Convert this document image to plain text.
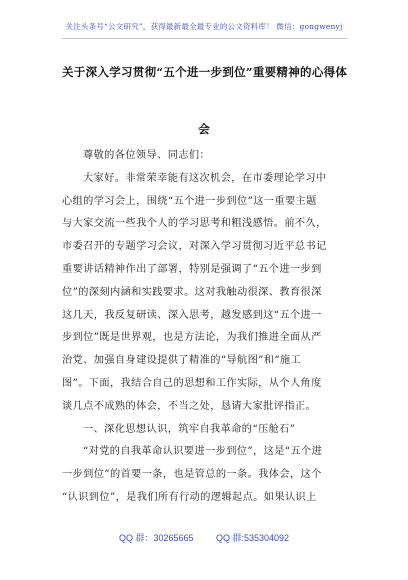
关注头条号“公文研究”，获得最新最全最专业的公文资料库！ 微信：gongwenyj
关于深入学习贯彻“五个进一步到位”重要精神的心得体
会
尊敬的各位领导、同志们：
大家好。非常荣幸能有这次机会，在市委理论学习中
心组的学习会上，围绕“五个进一步到位”这一重要主题
与大家交流一些我个人的学习思考和粗浅感悟。前不久，
市委召开的专题学习会议，对深入学习贯彻习近平总书记
重要讲话精神作出了部署，特别是强调了“五个进一步到
位”的深刻内涵和实践要求。这对我触动很深、教育很深
这几天，我反复研读、深入思考，越发感到这“五个进一
步到位”既是世界观，也是方法论，为我们推进全面从严
治党、加强自身建设提供了精准的“导航图”和“施工
图”。下面，我结合自己的思想和工作实际，从个人角度
谈几点不成熟的体会，不当之处，恳请大家批评指正。
一、深化思想认识，筑牢自我革命的“压舱石”
“对党的自我革命认识要进一步到位”，这是“五个进
一步到位”的首要一条，也是管总的一条。我体会，这个
“认识到位”，是我们所有行动的逻辑起点。如果认识上
QQ 群：30265665	QQ 群:535304092
